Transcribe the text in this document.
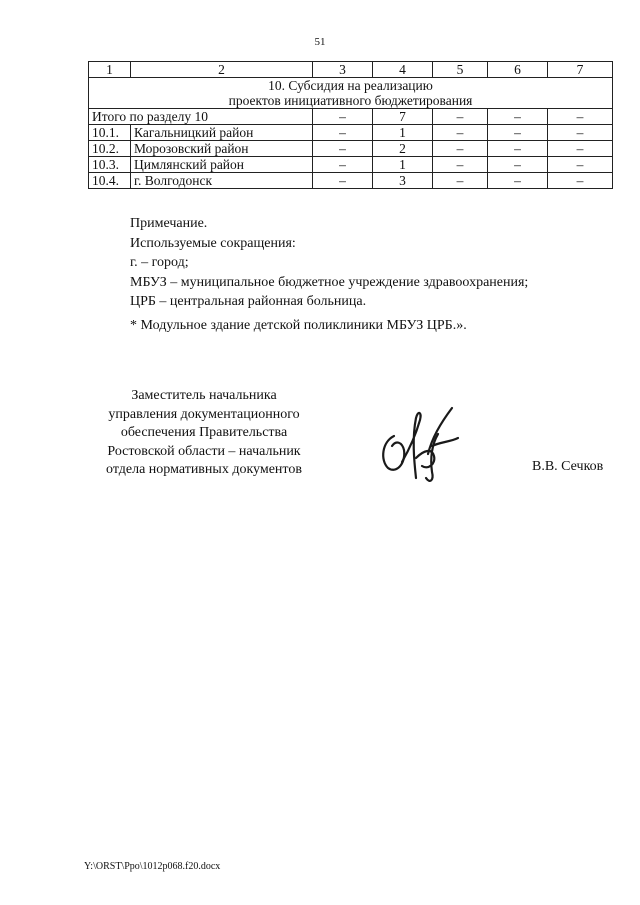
51
1	2	3	4	5	6	7
10. Субсидия на реализацию
проектов инициативного бюджетирования						
Итого по разделу 10		–	7	–	–	–
10.1.	Кагальницкий район	–	1	–	–	–
10.2.	Морозовский район	–	2	–	–	–
10.3.	Цимлянский район	–	1	–	–	–
10.4.	г. Волгодонск	–	3	–	–	–
Примечание.
Используемые сокращения:
г. – город;
МБУЗ – муниципальное бюджетное учреждение здравоохранения;
ЦРБ – центральная районная больница.
* Модульное здание детской поликлиники МБУЗ ЦРБ.».
Заместитель начальника
управления документационного
обеспечения Правительства
Ростовской области – начальник
отдела нормативных документов	В.В. Сечков
Y:\ORST\Ppo\1012p068.f20.docx
